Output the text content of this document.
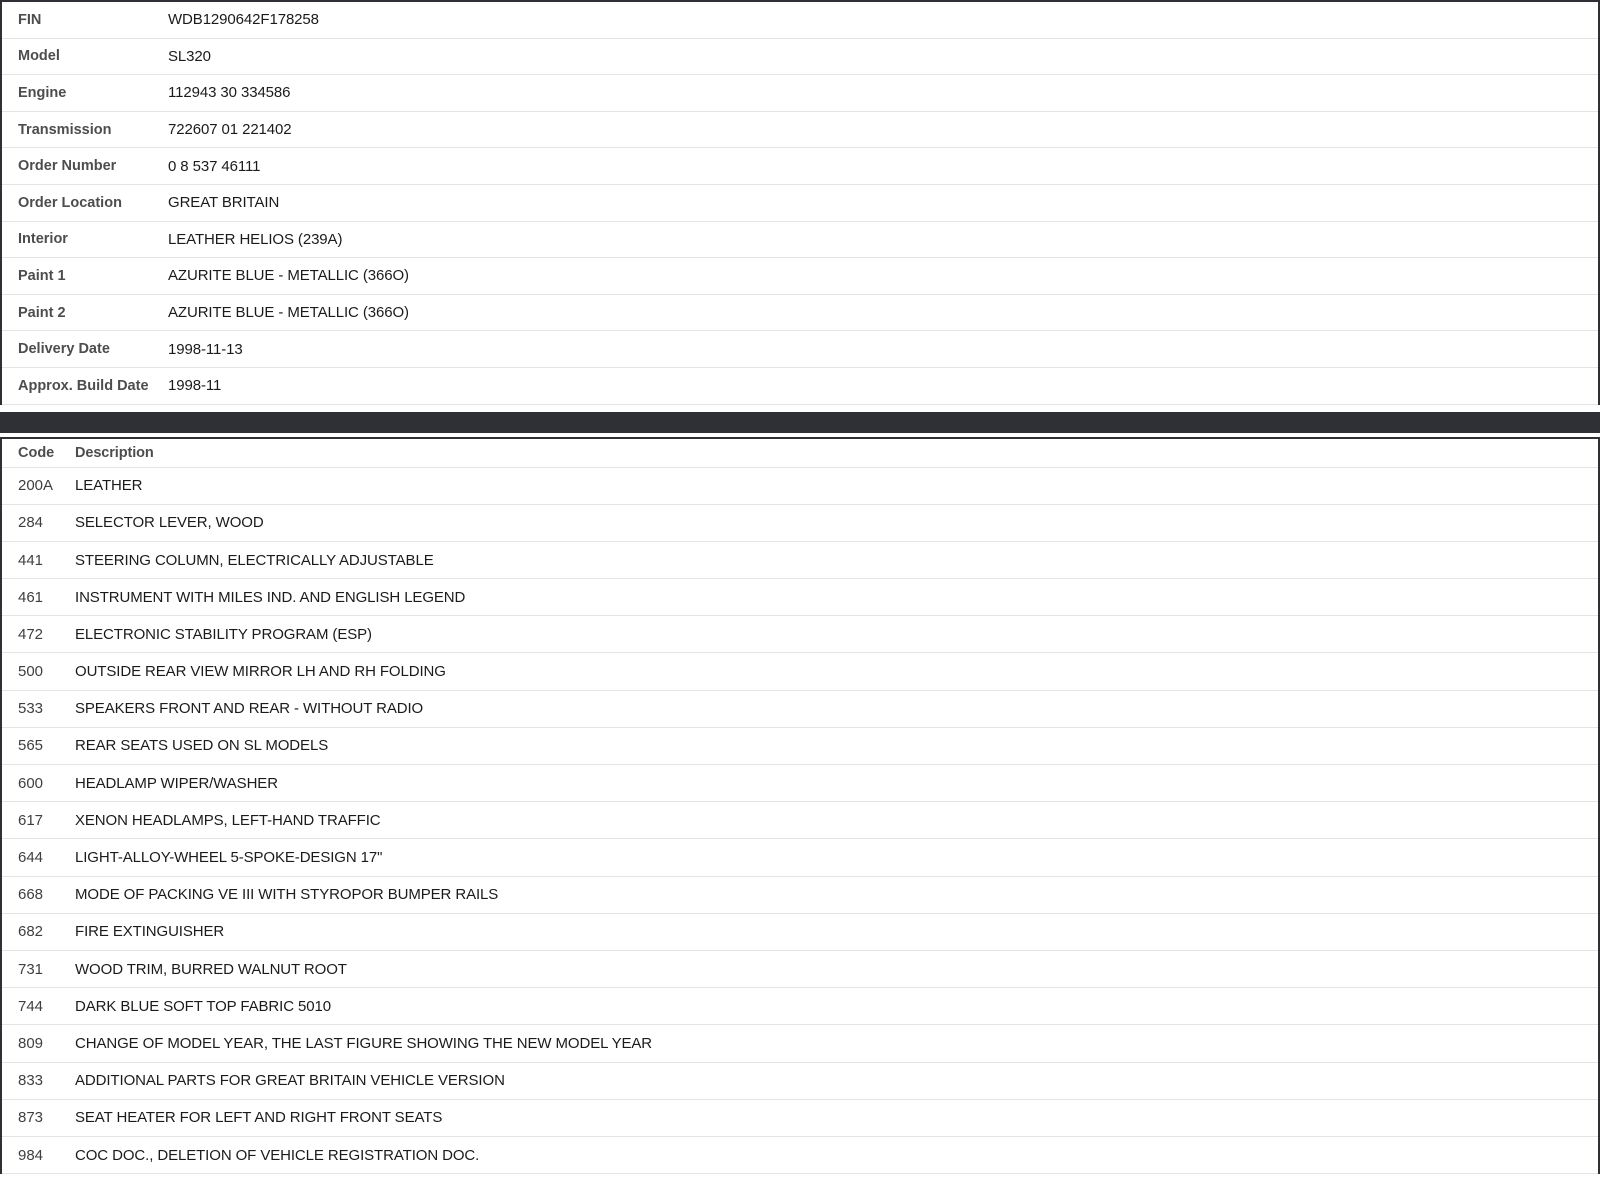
FIN	WDB1290642F178258
Model	SL320
Engine	112943 30 334586
Transmission	722607 01 221402
Order Number	0 8 537 46111
Order Location	GREAT BRITAIN
Interior	LEATHER HELIOS (239A)
Paint 1	AZURITE BLUE - METALLIC (366O)
Paint 2	AZURITE BLUE - METALLIC (366O)
Delivery Date	1998-11-13
Approx. Build Date	1998-11
Code	Description
200A	LEATHER
284	SELECTOR LEVER, WOOD
441	STEERING COLUMN, ELECTRICALLY ADJUSTABLE
461	INSTRUMENT WITH MILES IND. AND ENGLISH LEGEND
472	ELECTRONIC STABILITY PROGRAM (ESP)
500	OUTSIDE REAR VIEW MIRROR LH AND RH FOLDING
533	SPEAKERS FRONT AND REAR - WITHOUT RADIO
565	REAR SEATS USED ON SL MODELS
600	HEADLAMP WIPER/WASHER
617	XENON HEADLAMPS, LEFT-HAND TRAFFIC
644	LIGHT-ALLOY-WHEEL 5-SPOKE-DESIGN 17"
668	MODE OF PACKING VE III WITH STYROPOR BUMPER RAILS
682	FIRE EXTINGUISHER
731	WOOD TRIM, BURRED WALNUT ROOT
744	DARK BLUE SOFT TOP FABRIC 5010
809	CHANGE OF MODEL YEAR, THE LAST FIGURE SHOWING THE NEW MODEL YEAR
833	ADDITIONAL PARTS FOR GREAT BRITAIN VEHICLE VERSION
873	SEAT HEATER FOR LEFT AND RIGHT FRONT SEATS
984	COC DOC., DELETION OF VEHICLE REGISTRATION DOC.
